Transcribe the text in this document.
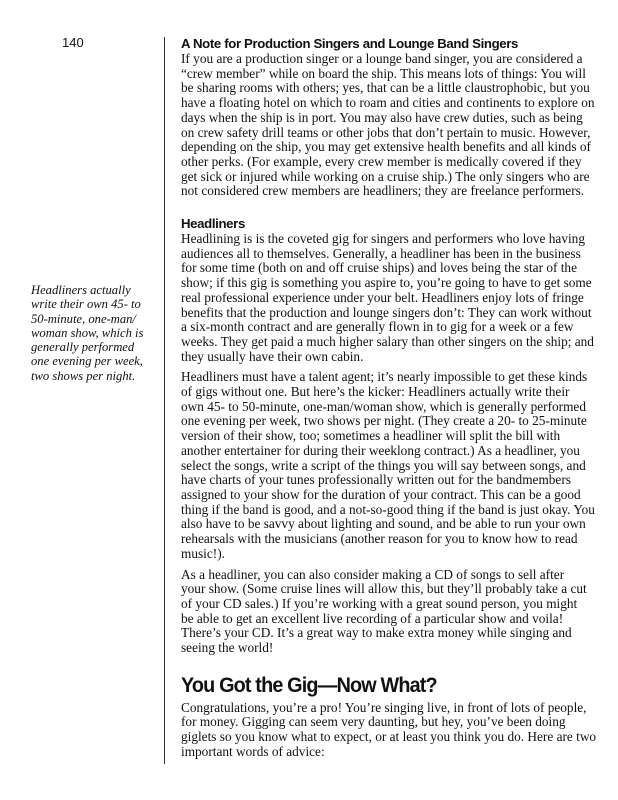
140
Headliners actually
write their own 45- to
50-minute, one-man/
woman show, which is
generally performed
one evening per week,
two shows per night.
A Note for Production Singers and Lounge Band Singers

If you are a production singer or a lounge band singer, you are considered a
“crew member” while on board the ship. This means lots of things: You will
be sharing rooms with others; yes, that can be a little claustrophobic, but you
have a floating hotel on which to roam and cities and continents to explore on
days when the ship is in port. You may also have crew duties, such as being
on crew safety drill teams or other jobs that don’t pertain to music. However,
depending on the ship, you may get extensive health benefits and all kinds of
other perks. (For example, every crew member is medically covered if they
get sick or injured while working on a cruise ship.) The only singers who are
not considered crew members are headliners; they are freelance performers.

Headliners

Headlining is is the coveted gig for singers and performers who love having
audiences all to themselves. Generally, a headliner has been in the business
for some time (both on and off cruise ships) and loves being the star of the
show; if this gig is something you aspire to, you’re going to have to get some
real professional experience under your belt. Headliners enjoy lots of fringe
benefits that the production and lounge singers don’t: They can work without
a six-month contract and are generally flown in to gig for a week or a few
weeks. They get paid a much higher salary than other singers on the ship; and
they usually have their own cabin.

Headliners must have a talent agent; it’s nearly impossible to get these kinds
of gigs without one. But here’s the kicker: Headliners actually write their
own 45- to 50-minute, one-man/woman show, which is generally performed
one evening per week, two shows per night. (They create a 20- to 25-minute
version of their show, too; sometimes a headliner will split the bill with
another entertainer for during their weeklong contract.) As a headliner, you
select the songs, write a script of the things you will say between songs, and
have charts of your tunes professionally written out for the bandmembers
assigned to your show for the duration of your contract. This can be a good
thing if the band is good, and a not-so-good thing if the band is just okay. You
also have to be savvy about lighting and sound, and be able to run your own
rehearsals with the musicians (another reason for you to know how to read
music!).

As a headliner, you can also consider making a CD of songs to sell after
your show. (Some cruise lines will allow this, but they’ll probably take a cut
of your CD sales.) If you’re working with a great sound person, you might
be able to get an excellent live recording of a particular show and voila!
There’s your CD. It’s a great way to make extra money while singing and
seeing the world!

You Got the Gig—Now What?

Congratulations, you’re a pro! You’re singing live, in front of lots of people,
for money. Gigging can seem very daunting, but hey, you’ve been doing
giglets so you know what to expect, or at least you think you do. Here are two
important words of advice:
